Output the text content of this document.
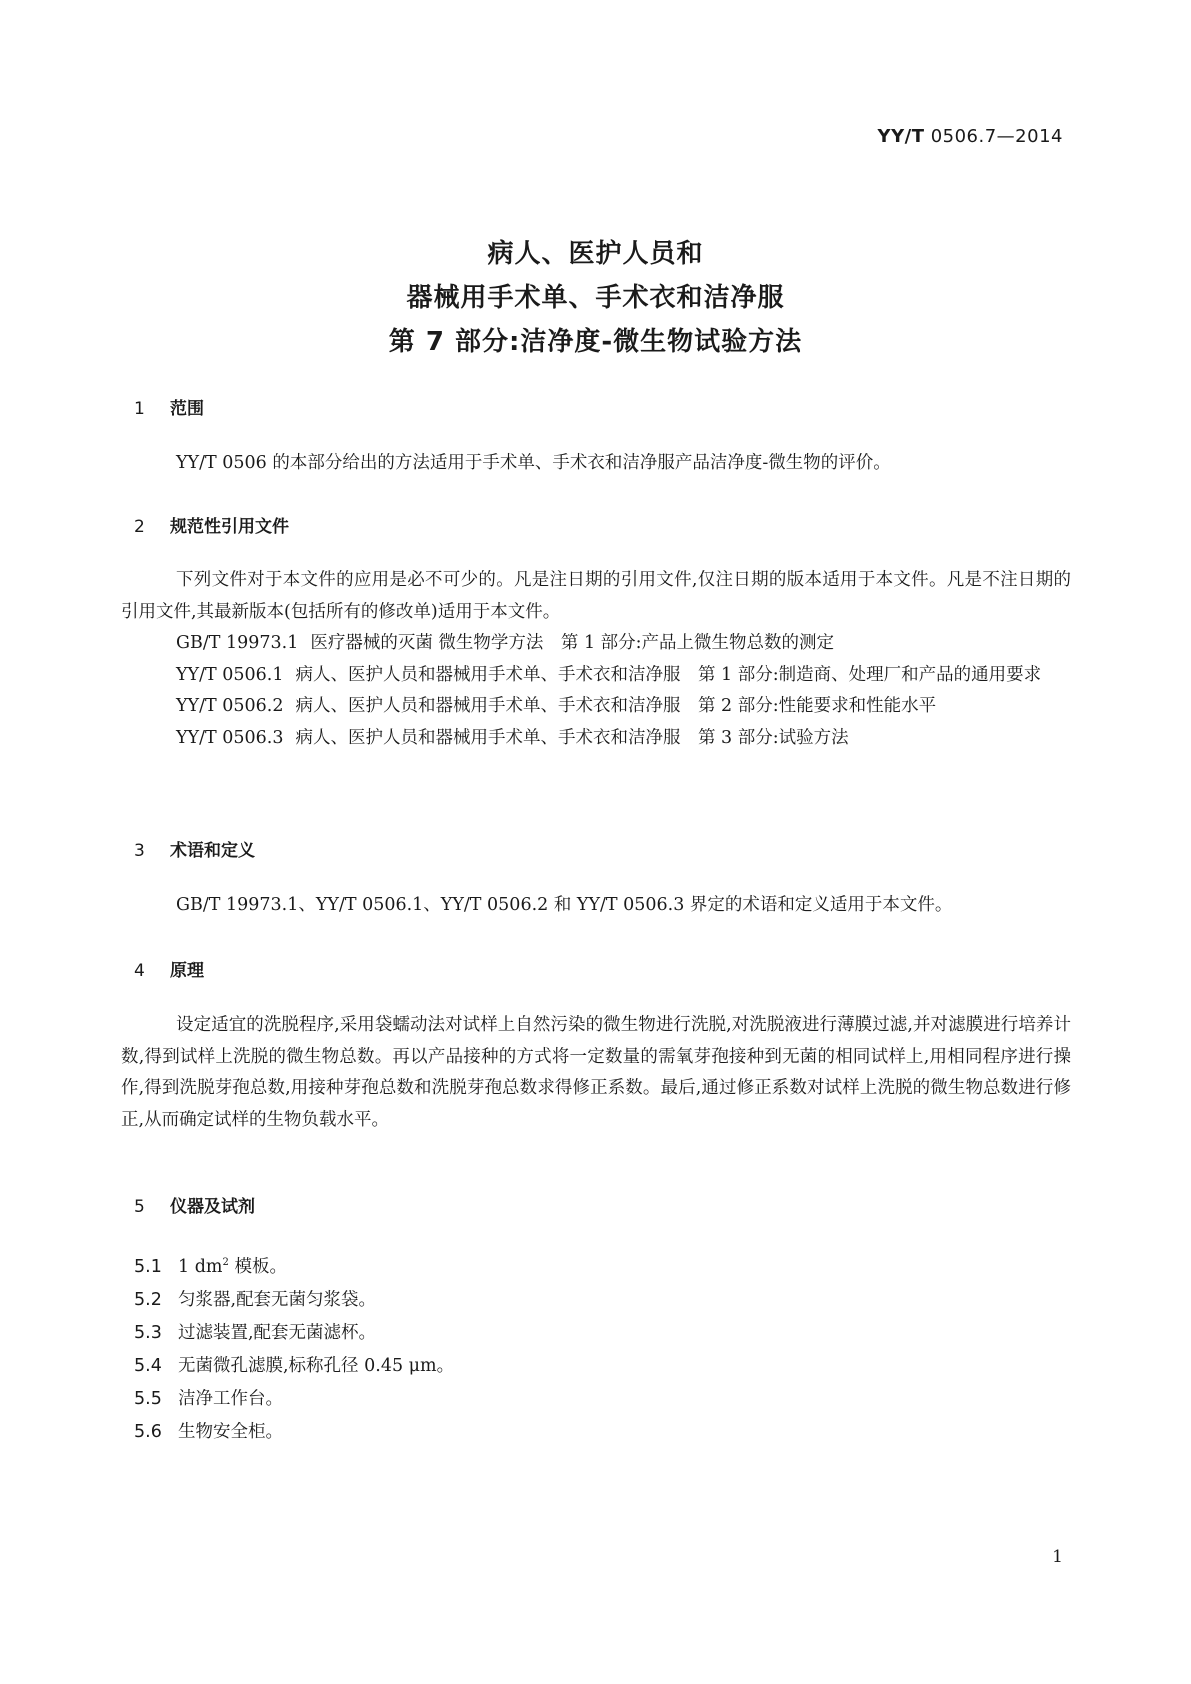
YY/T 0506.7—2014
病人、医护人员和
器械用手术单、手术衣和洁净服
第 7 部分:洁净度-微生物试验方法
1 范围
YY/T 0506 的本部分给出的方法适用于手术单、手术衣和洁净服产品洁净度-微生物的评价。
2 规范性引用文件
下列文件对于本文件的应用是必不可少的。凡是注日期的引用文件,仅注日期的版本适用于本文件。凡是不注日期的引用文件,其最新版本(包括所有的修改单)适用于本文件。
GB/T 19973.1 医疗器械的灭菌 微生物学方法　第 1 部分:产品上微生物总数的测定
YY/T 0506.1 病人、医护人员和器械用手术单、手术衣和洁净服　第 1 部分:制造商、处理厂和产品的通用要求
YY/T 0506.2 病人、医护人员和器械用手术单、手术衣和洁净服　第 2 部分:性能要求和性能水平
YY/T 0506.3 病人、医护人员和器械用手术单、手术衣和洁净服　第 3 部分:试验方法
3 术语和定义
GB/T 19973.1、YY/T 0506.1、YY/T 0506.2 和 YY/T 0506.3 界定的术语和定义适用于本文件。
4 原理
设定适宜的洗脱程序,采用袋蠕动法对试样上自然污染的微生物进行洗脱,对洗脱液进行薄膜过滤,并对滤膜进行培养计数,得到试样上洗脱的微生物总数。再以产品接种的方式将一定数量的需氧芽孢接种到无菌的相同试样上,用相同程序进行操作,得到洗脱芽孢总数,用接种芽孢总数和洗脱芽孢总数求得修正系数。最后,通过修正系数对试样上洗脱的微生物总数进行修正,从而确定试样的生物负载水平。
5 仪器及试剂
5.1 1 $dm^2$ 模板。
5.2 匀浆器,配套无菌匀浆袋。
5.3 过滤装置,配套无菌滤杯。
5.4 无菌微孔滤膜,标称孔径 0.45 μm。
5.5 洁净工作台。
5.6 生物安全柜。
1
